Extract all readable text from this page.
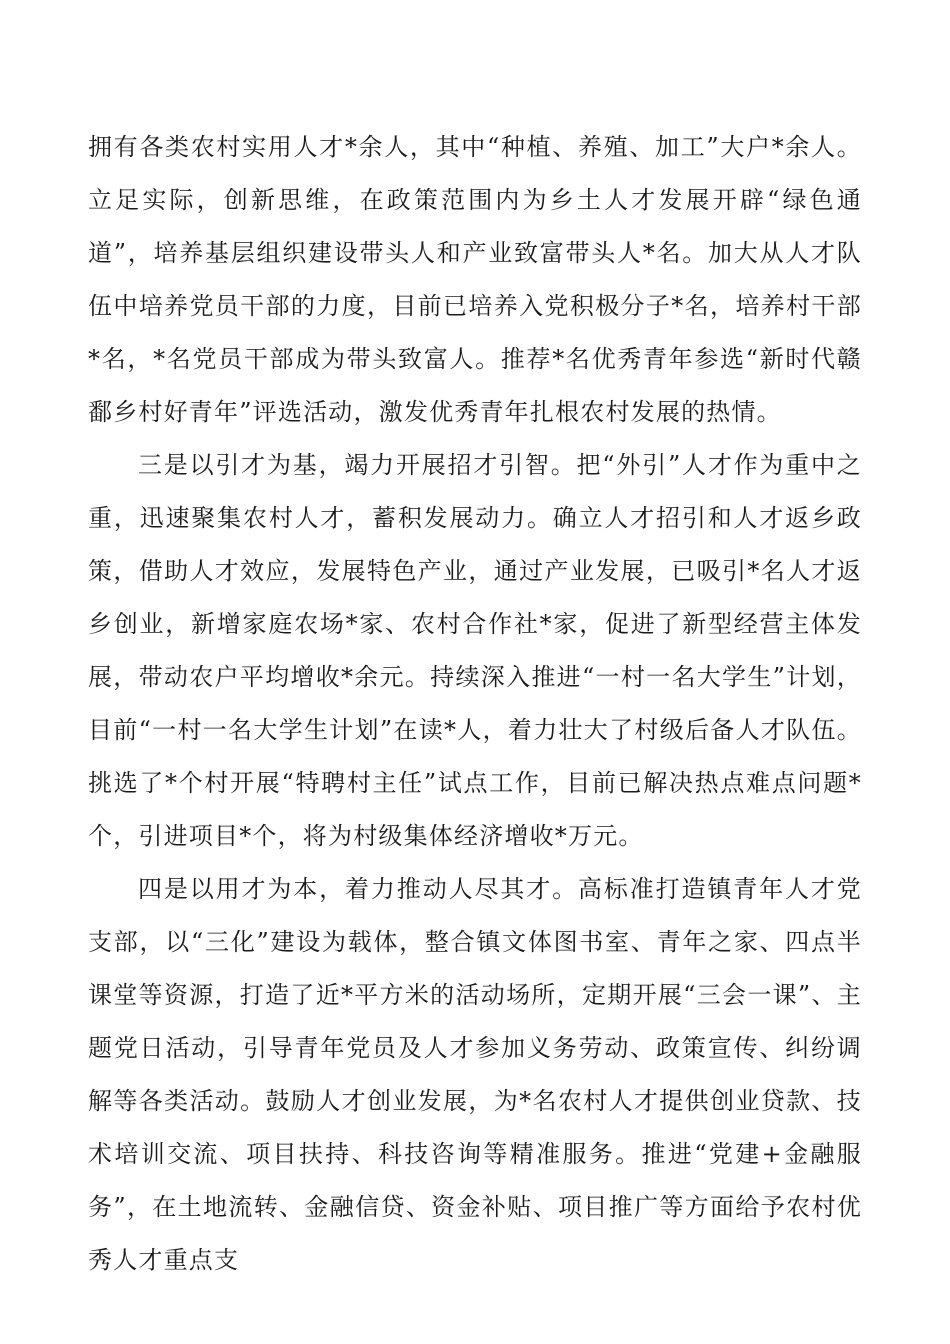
拥有各类农村实用人才*余人，其中“种植、养殖、加工”大户*余人。立足实际，创新思维，在政策范围内为乡土人才发展开辟“绿色通道”，培养基层组织建设带头人和产业致富带头人*名。加大从人才队伍中培养党员干部的力度，目前已培养入党积极分子*名，培养村干部*名，*名党员干部成为带头致富人。推荐*名优秀青年参选“新时代赣鄱乡村好青年”评选活动，激发优秀青年扎根农村发展的热情。

三是以引才为基，竭力开展招才引智。把“外引”人才作为重中之重，迅速聚集农村人才，蓄积发展动力。确立人才招引和人才返乡政策，借助人才效应，发展特色产业，通过产业发展，已吸引*名人才返乡创业，新增家庭农场*家、农村合作社*家，促进了新型经营主体发展，带动农户平均增收*余元。持续深入推进“一村一名大学生”计划，目前“一村一名大学生计划”在读*人，着力壮大了村级后备人才队伍。挑选了*个村开展“特聘村主任”试点工作，目前已解决热点难点问题*个，引进项目*个，将为村级集体经济增收*万元。

四是以用才为本，着力推动人尽其才。高标准打造镇青年人才党支部，以“三化”建设为载体，整合镇文体图书室、青年之家、四点半课堂等资源，打造了近*平方米的活动场所，定期开展“三会一课”、主题党日活动，引导青年党员及人才参加义务劳动、政策宣传、纠纷调解等各类活动。鼓励人才创业发展，为*名农村人才提供创业贷款、技术培训交流、项目扶持、科技咨询等精准服务。推进“党建+金融服务”，在土地流转、金融信贷、资金补贴、项目推广等方面给予农村优秀人才重点支
